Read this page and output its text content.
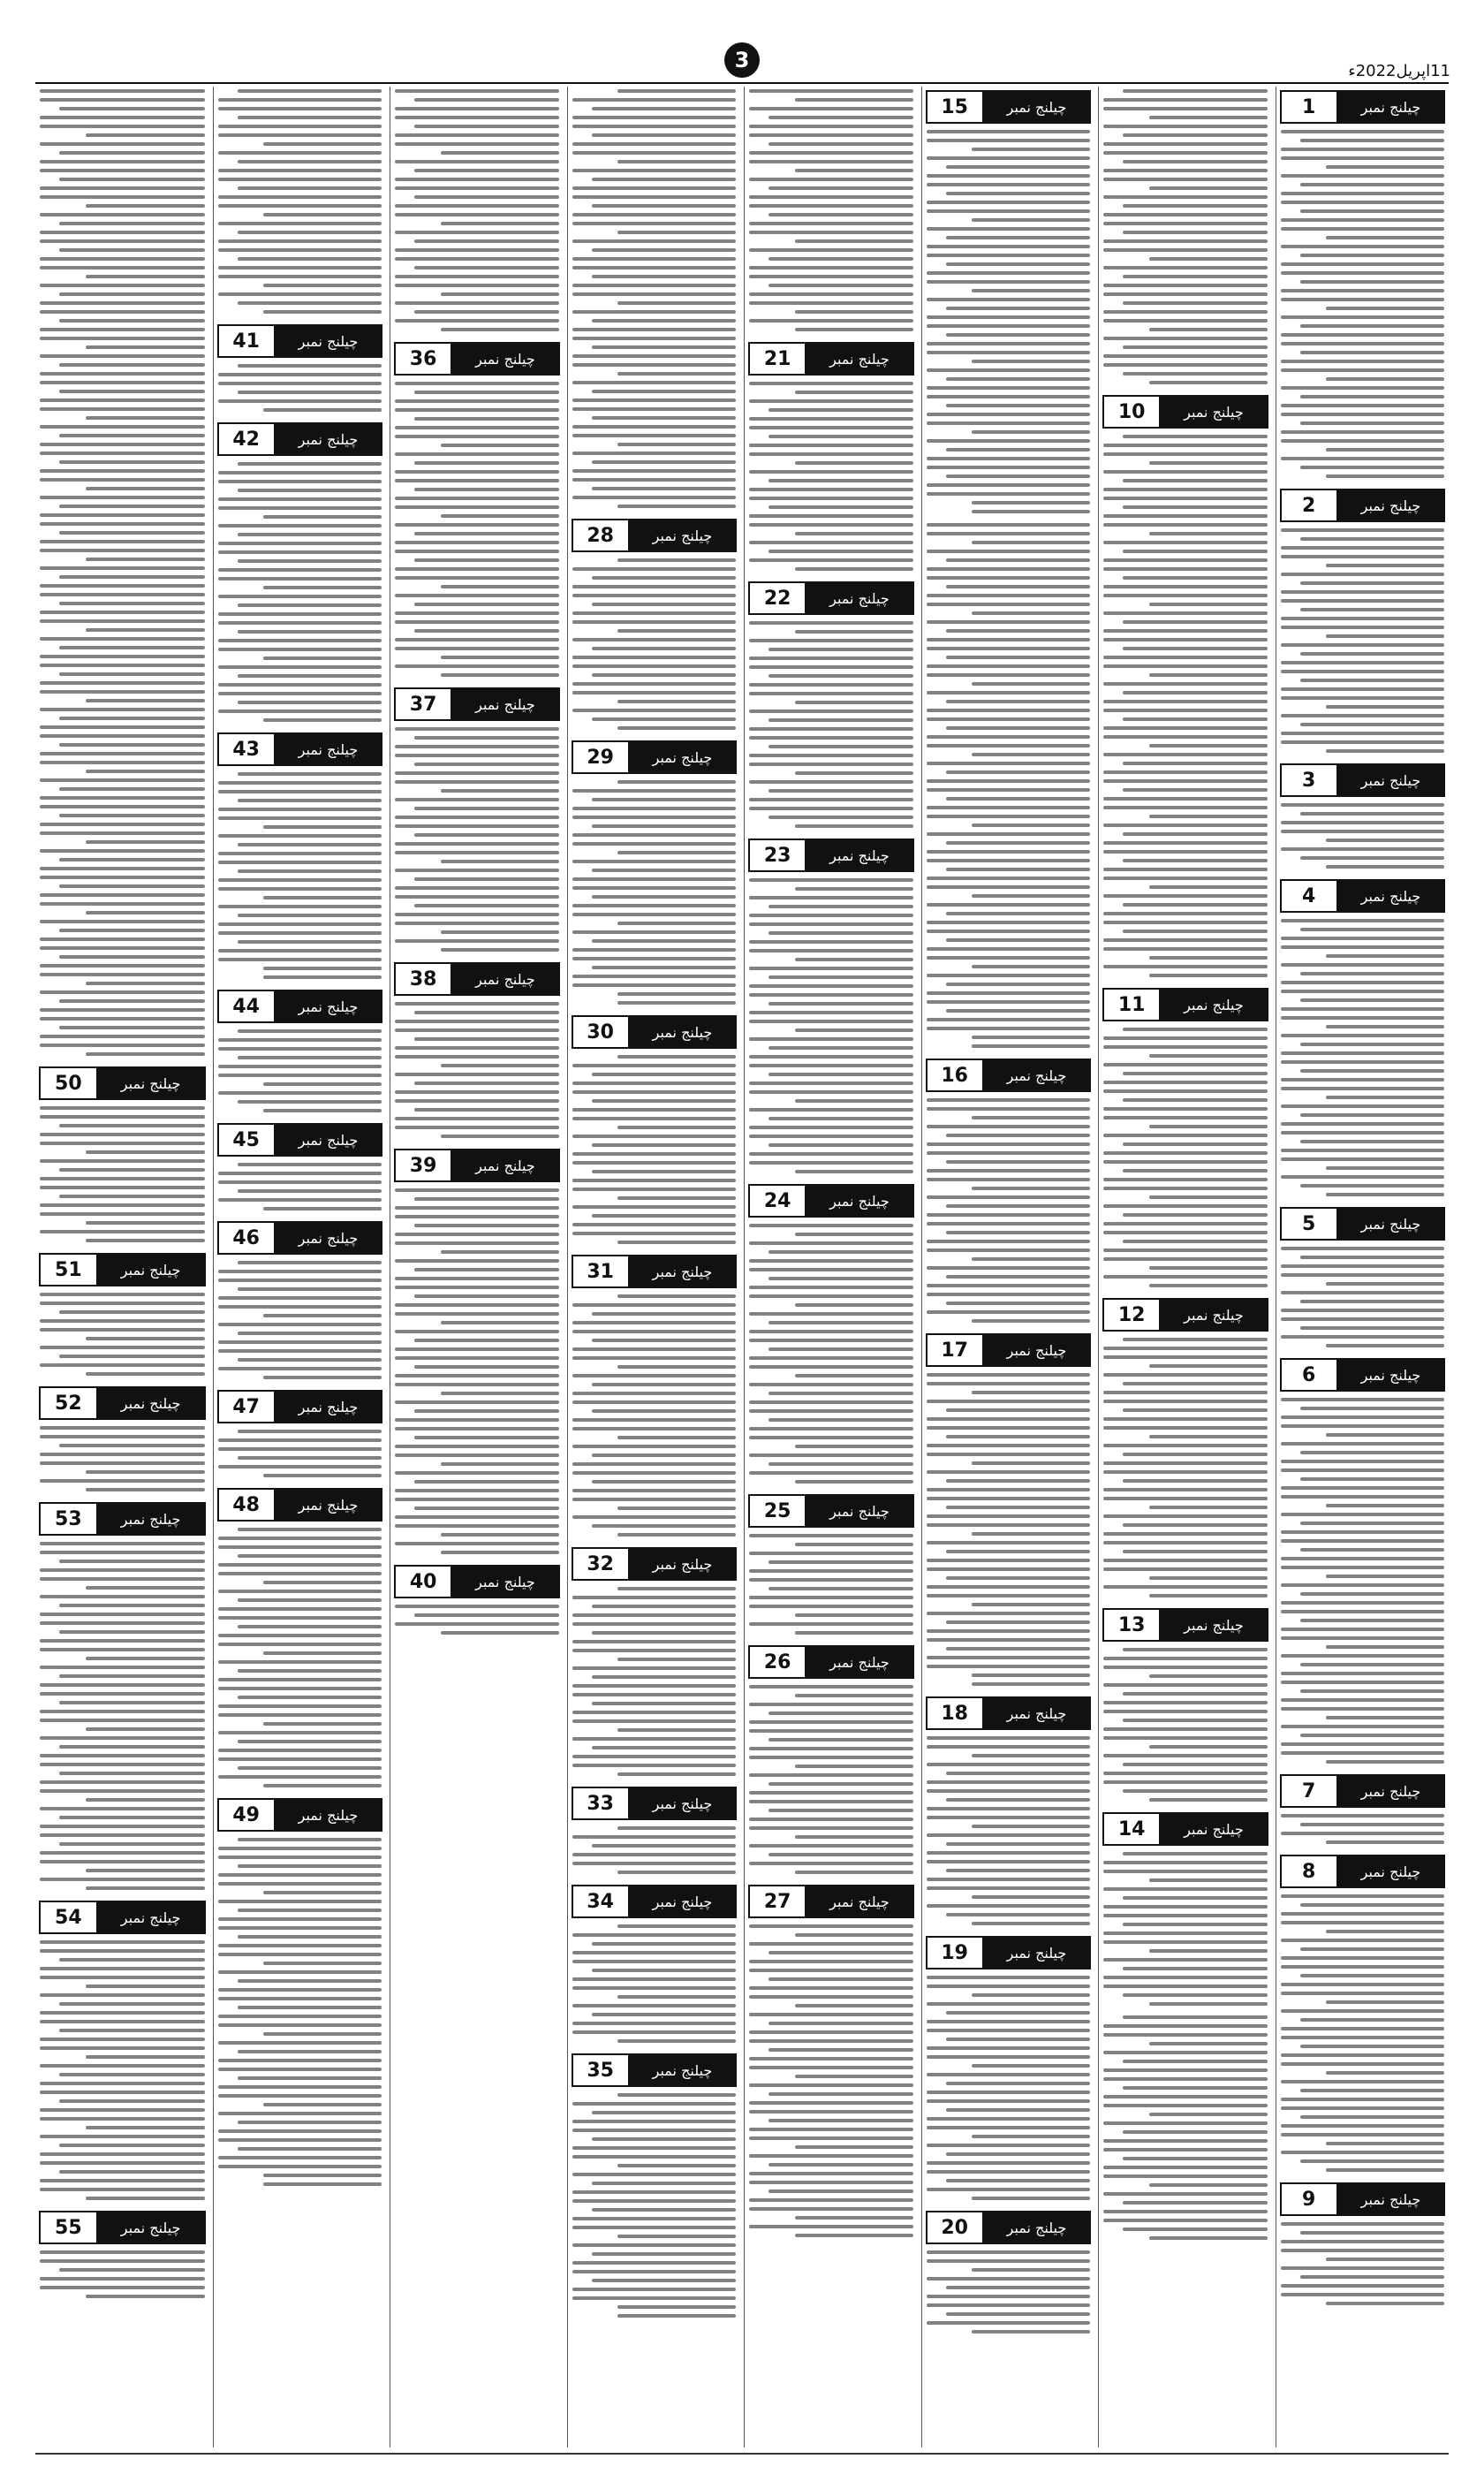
11اپریل2022ء
3
1	چیلنج نمبر
2	چیلنج نمبر
3	چیلنج نمبر
4	چیلنج نمبر
5	چیلنج نمبر
6	چیلنج نمبر
7	چیلنج نمبر
8	چیلنج نمبر
9	چیلنج نمبر
10	چیلنج نمبر
11	چیلنج نمبر
12	چیلنج نمبر
13	چیلنج نمبر
14	چیلنج نمبر
15	چیلنج نمبر
16	چیلنج نمبر
17	چیلنج نمبر
18	چیلنج نمبر
19	چیلنج نمبر
20	چیلنج نمبر
21	چیلنج نمبر
22	چیلنج نمبر
23	چیلنج نمبر
24	چیلنج نمبر
25	چیلنج نمبر
26	چیلنج نمبر
27	چیلنج نمبر
28	چیلنج نمبر
29	چیلنج نمبر
30	چیلنج نمبر
31	چیلنج نمبر
32	چیلنج نمبر
33	چیلنج نمبر
34	چیلنج نمبر
35	چیلنج نمبر
36	چیلنج نمبر
37	چیلنج نمبر
38	چیلنج نمبر
39	چیلنج نمبر
40	چیلنج نمبر
41	چیلنج نمبر
42	چیلنج نمبر
43	چیلنج نمبر
44	چیلنج نمبر
45	چیلنج نمبر
46	چیلنج نمبر
47	چیلنج نمبر
48	چیلنج نمبر
49	چیلنج نمبر
50	چیلنج نمبر
51	چیلنج نمبر
52	چیلنج نمبر
53	چیلنج نمبر
54	چیلنج نمبر
55	چیلنج نمبر
